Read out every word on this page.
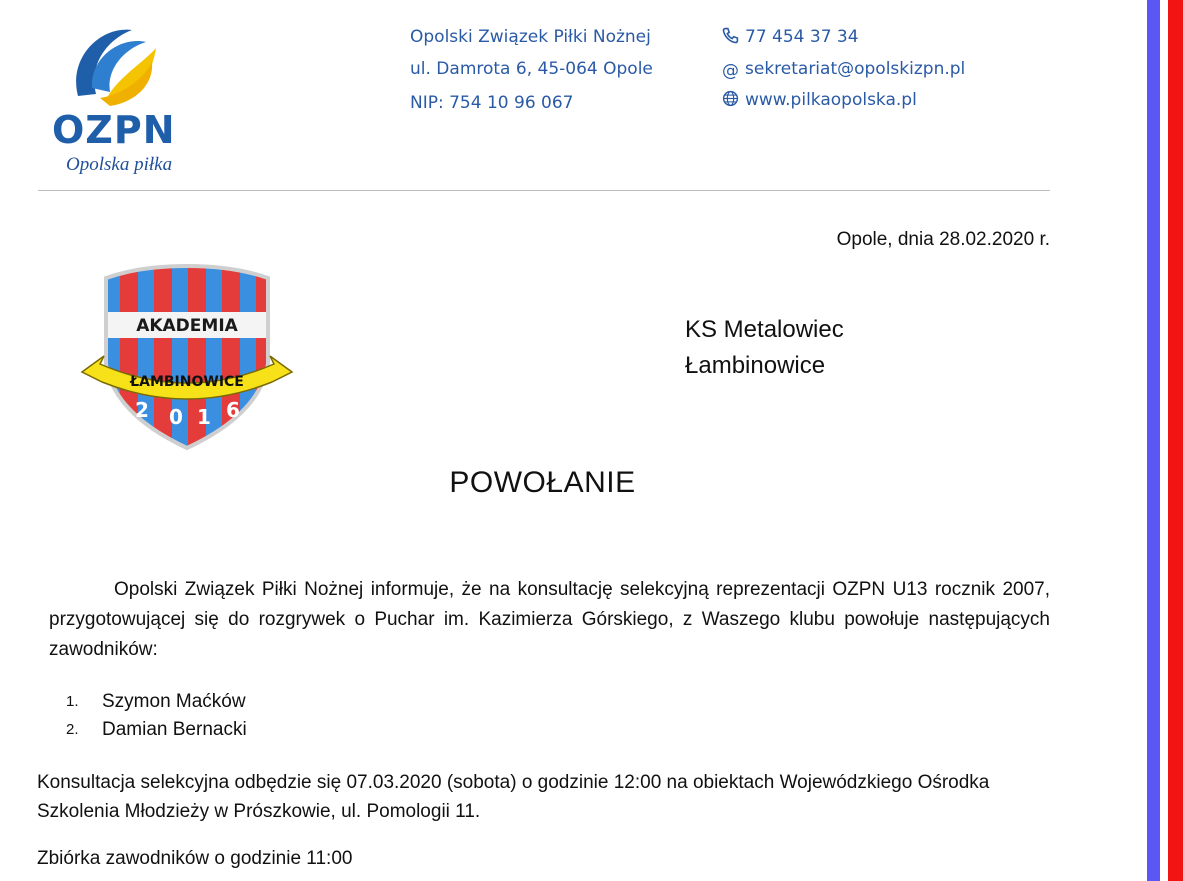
OZPN
Opolska piłka
Opolski Związek Piłki Nożnej
ul. Damrota 6, 45-064 Opole
NIP: 754 10 96 067
77 454 37 34
@ sekretariat@opolskizpn.pl
www.pilkaopolska.pl
Opole, dnia 28.02.2020 r.
AKADEMIA
ŁAMBINOWICE
2 0 1 6
KS Metalowiec
Łambinowice
POWOŁANIE
Opolski Związek Piłki Nożnej informuje, że na konsultację selekcyjną reprezentacji OZPN U13 rocznik 2007, przygotowującej się do rozgrywek o Puchar im. Kazimierza Górskiego, z Waszego klubu powołuje następujących zawodników:
1. Szymon Maćków
2. Damian Bernacki
Konsultacja selekcyjna odbędzie się 07.03.2020 (sobota) o godzinie 12:00 na obiektach Wojewódzkiego Ośrodka Szkolenia Młodzieży w Prószkowie, ul. Pomologii 11.
Zbiórka zawodników o godzinie 11:00
